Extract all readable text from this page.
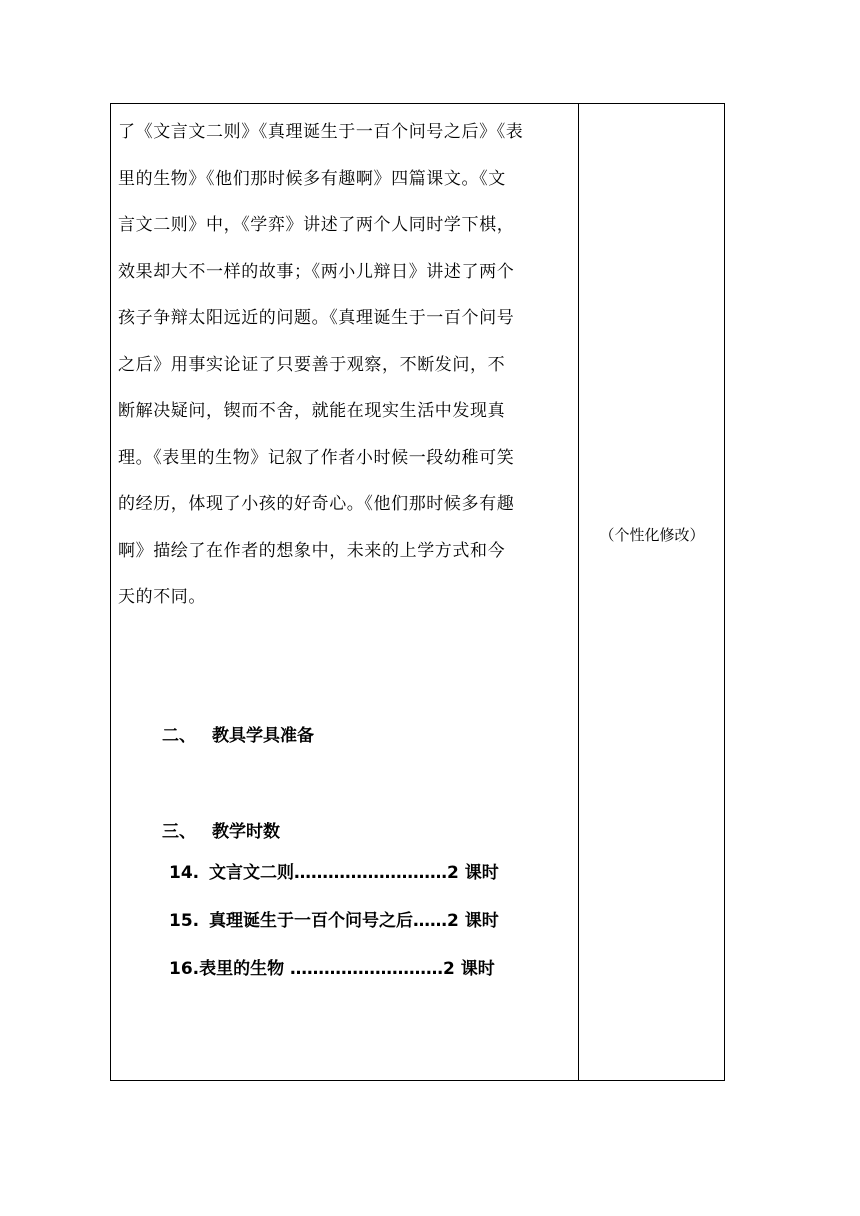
了《文言文二则》《真理诞生于一百个问号之后》《表
里的生物》《他们那时候多有趣啊》四篇课文。《文
言文二则》中，《学弈》讲述了两个人同时学下棋，
效果却大不一样的故事；《两小儿辩日》讲述了两个
孩子争辩太阳远近的问题。《真理诞生于一百个问号
之后》用事实论证了只要善于观察，不断发问，不
断解决疑问，锲而不舍，就能在现实生活中发现真
理。《表里的生物》记叙了作者小时候一段幼稚可笑
的经历，体现了小孩的好奇心。《他们那时候多有趣
啊》描绘了在作者的想象中，未来的上学方式和今
天的不同。
二、 教具学具准备
三、 教学时数
14. 文言文二则………………………2 课时
15. 真理诞生于一百个问号之后……2 课时
16.表里的生物 ………………………2 课时
（个性化修改）
